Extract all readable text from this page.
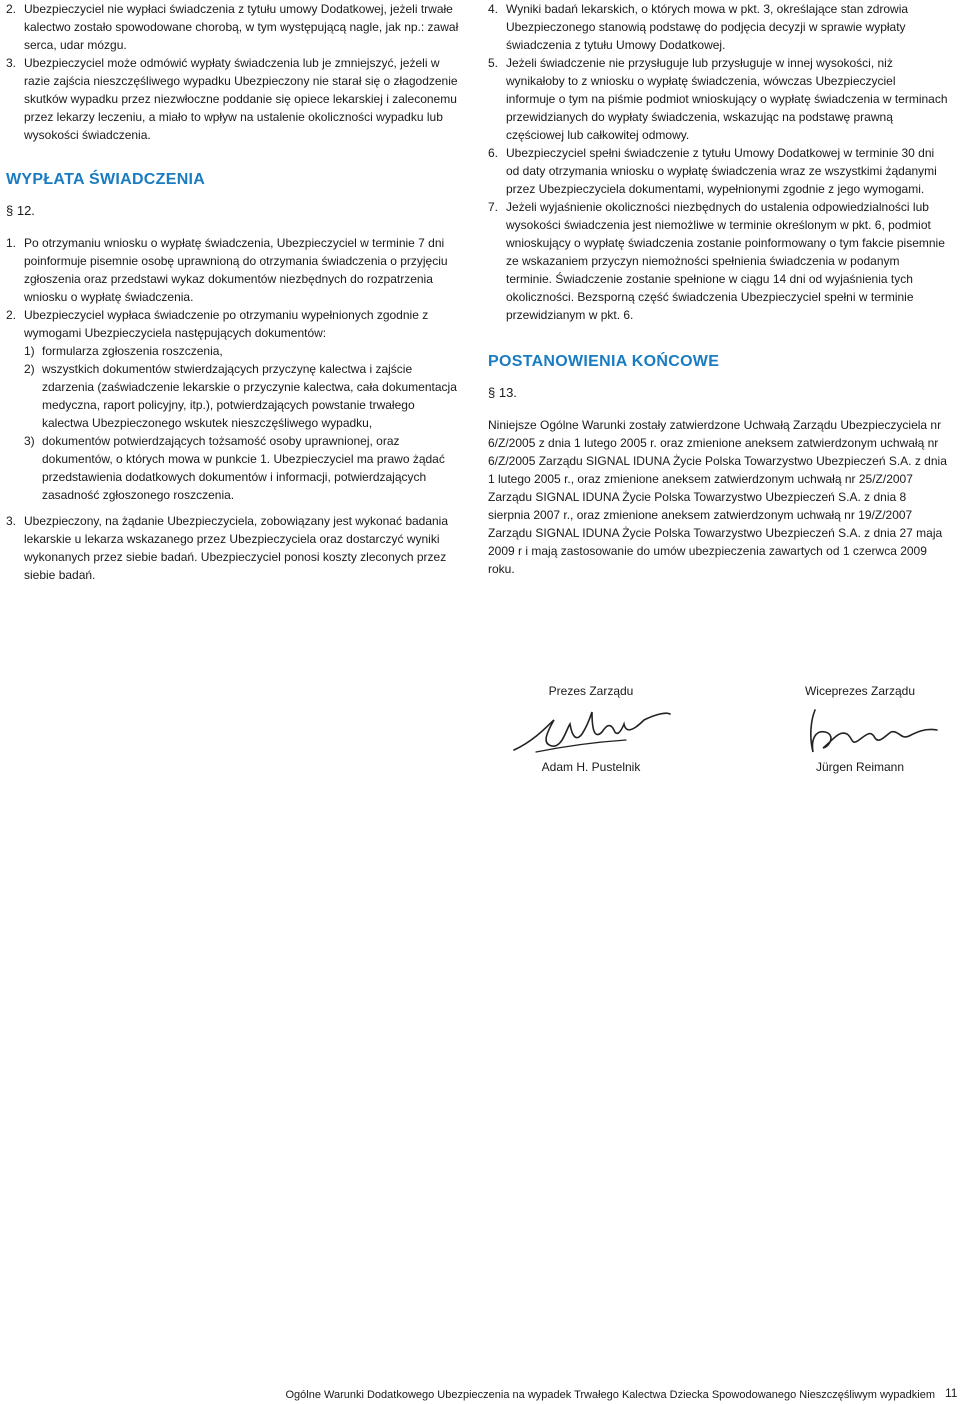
2. Ubezpieczyciel nie wypłaci świadczenia z tytułu umowy Dodatkowej, jeżeli trwałe kalectwo zostało spowodowane chorobą, w tym występującą nagle, jak np.: zawał serca, udar mózgu.

3. Ubezpieczyciel może odmówić wypłaty świadczenia lub je zmniejszyć, jeżeli w razie zajścia nieszczęśliwego wypadku Ubezpieczony nie starał się o złagodzenie skutków wypadku przez niezwłoczne poddanie się opiece lekarskiej i zaleconemu przez lekarzy leczeniu, a miało to wpływ na ustalenie okoliczności wypadku lub wysokości świadczenia.

WYPŁATA ŚWIADCZENIA

§ 12.

1. Po otrzymaniu wniosku o wypłatę świadczenia, Ubezpieczyciel w terminie 7 dni poinformuje pisemnie osobę uprawnioną do otrzymania świadczenia o przyjęciu zgłoszenia oraz przedstawi wykaz dokumentów niezbędnych do rozpatrzenia wniosku o wypłatę świadczenia.

2. Ubezpieczyciel wypłaca świadczenie po otrzymaniu wypełnionych zgodnie z wymogami Ubezpieczyciela następujących dokumentów:

1) formularza zgłoszenia roszczenia,

2) wszystkich dokumentów stwierdzających przyczynę kalectwa i zajście zdarzenia (zaświadczenie lekarskie o przyczynie kalectwa, cała dokumentacja medyczna, raport policyjny, itp.), potwierdzających powstanie trwałego kalectwa Ubezpieczonego wskutek nieszczęśliwego wypadku,

3) dokumentów potwierdzających tożsamość osoby uprawnionej, oraz dokumentów, o których mowa w punkcie 1. Ubezpieczyciel ma prawo żądać przedstawienia dodatkowych dokumentów i informacji, potwierdzających zasadność zgłoszonego roszczenia.

3. Ubezpieczony, na żądanie Ubezpieczyciela, zobowiązany jest wykonać badania lekarskie u lekarza wskazanego przez Ubezpieczyciela oraz dostarczyć wyniki wykonanych przez siebie badań. Ubezpieczyciel ponosi koszty zleconych przez siebie badań.

4. Wyniki badań lekarskich, o których mowa w pkt. 3, określające stan zdrowia Ubezpieczonego stanowią podstawę do podjęcia decyzji w sprawie wypłaty świadczenia z tytułu Umowy Dodatkowej.

5. Jeżeli świadczenie nie przysługuje lub przysługuje w innej wysokości, niż wynikałoby to z wniosku o wypłatę świadczenia, wówczas Ubezpieczyciel informuje o tym na piśmie podmiot wnioskujący o wypłatę świadczenia w terminach przewidzianych do wypłaty świadczenia, wskazując na podstawę prawną częściowej lub całkowitej odmowy.

6. Ubezpieczyciel spełni świadczenie z tytułu Umowy Dodatkowej w terminie 30 dni od daty otrzymania wniosku o wypłatę świadczenia wraz ze wszystkimi żądanymi przez Ubezpieczyciela dokumentami, wypełnionymi zgodnie z jego wymogami.

7. Jeżeli wyjaśnienie okoliczności niezbędnych do ustalenia odpowiedzialności lub wysokości świadczenia jest niemożliwe w terminie określonym w pkt. 6, podmiot wnioskujący o wypłatę świadczenia zostanie poinformowany o tym fakcie pisemnie ze wskazaniem przyczyn niemożności spełnienia świadczenia w podanym terminie. Świadczenie zostanie spełnione w ciągu 14 dni od wyjaśnienia tych okoliczności. Bezsporną część świadczenia Ubezpieczyciel spełni w terminie przewidzianym w pkt. 6.

POSTANOWIENIA KOŃCOWE

§ 13.

Niniejsze Ogólne Warunki zostały zatwierdzone Uchwałą Zarządu Ubezpieczyciela nr 6/Z/2005 z dnia 1 lutego 2005 r. oraz zmienione aneksem zatwierdzonym uchwałą nr 6/Z/2005 Zarządu SIGNAL IDUNA Życie Polska Towarzystwo Ubezpieczeń S.A. z dnia 1 lutego 2005 r., oraz zmienione aneksem zatwierdzonym uchwałą nr 25/Z/2007 Zarządu SIGNAL IDUNA Życie Polska Towarzystwo Ubezpieczeń S.A. z dnia 8 sierpnia 2007 r., oraz zmienione aneksem zatwierdzonym uchwałą nr 19/Z/2007 Zarządu SIGNAL IDUNA Życie Polska Towarzystwo Ubezpieczeń S.A. z dnia 27 maja 2009 r i mają zastosowanie do umów ubezpieczenia zawartych od 1 czerwca 2009 roku.

Prezes Zarządu
Adam H. Pustelnik
Wiceprezes Zarządu
Jürgen Reimann
Ogólne Warunki Dodatkowego Ubezpieczenia na wypadek Trwałego Kalectwa Dziecka Spowodowanego Nieszczęśliwym wypadkiem 11
